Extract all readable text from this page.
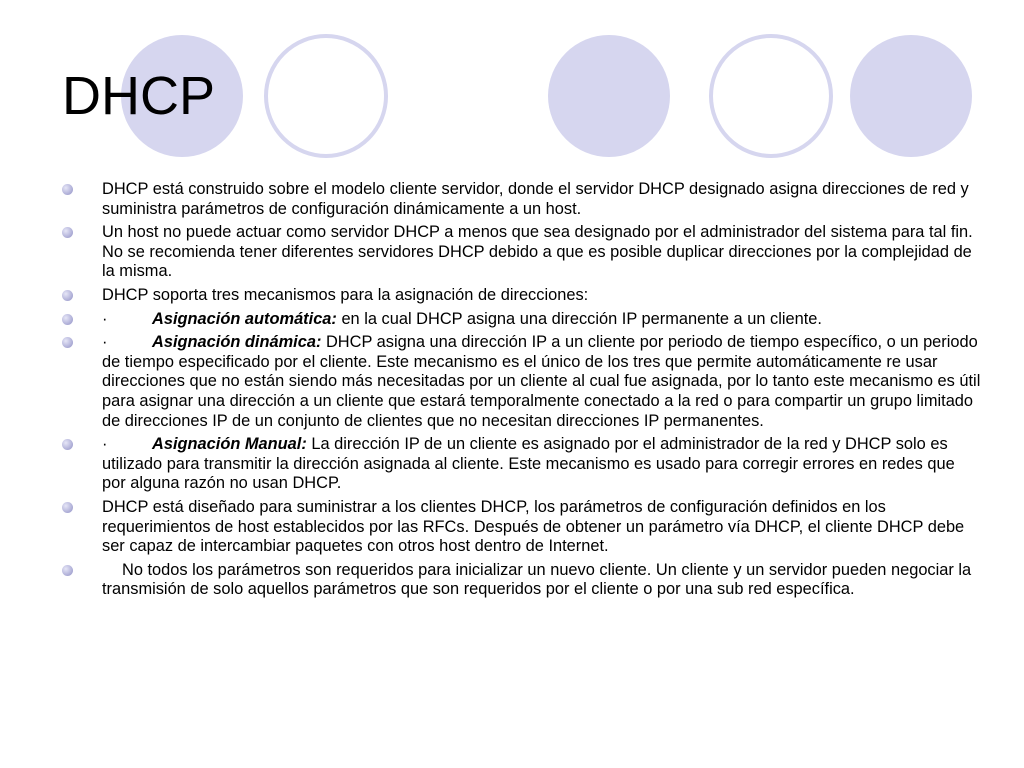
DHCP
DHCP está construido sobre el modelo cliente servidor, donde el servidor DHCP designado asigna direcciones de red y suministra parámetros de configuración dinámicamente a un host.
Un host no puede actuar como servidor DHCP a menos que sea designado por el administrador del sistema para tal fin. No se recomienda tener diferentes servidores DHCP debido a que es posible duplicar direcciones por la complejidad de la misma.
DHCP soporta tres mecanismos para la asignación de direcciones:
·	Asignación automática: en la cual DHCP asigna una dirección IP permanente a un cliente.
·	Asignación dinámica: DHCP asigna una dirección IP a un cliente por periodo de tiempo específico, o un periodo de tiempo especificado por el cliente. Este mecanismo es el único de los tres que permite automáticamente re usar direcciones que no están siendo más necesitadas por un cliente al cual fue asignada, por lo tanto este mecanismo es útil para asignar una dirección a un cliente que estará temporalmente conectado a la red o para compartir un grupo limitado de direcciones IP de un conjunto de clientes que no necesitan direcciones IP permanentes.
·	Asignación Manual: La dirección IP de un cliente es asignado por el administrador de la red y DHCP solo es utilizado para transmitir la dirección asignada al cliente. Este mecanismo es usado para corregir errores en redes que por alguna razón no usan DHCP.
DHCP está diseñado para suministrar a los clientes DHCP, los parámetros de configuración definidos en los requerimientos de host establecidos por las RFCs. Después de obtener un parámetro vía DHCP, el cliente DHCP debe ser capaz de intercambiar paquetes con otros host dentro de Internet.
No todos los parámetros son requeridos para inicializar un nuevo cliente. Un cliente y un servidor pueden negociar la transmisión de solo aquellos parámetros que son requeridos por el cliente o por una sub red específica.
